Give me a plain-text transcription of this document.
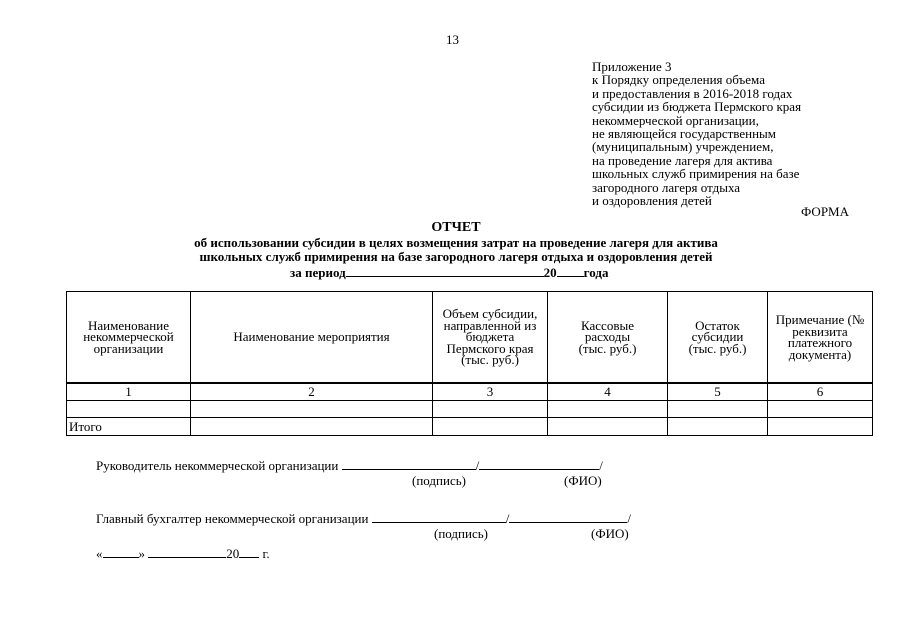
13
Приложение 3
к Порядку определения объема
и предоставления в 2016-2018 годах
субсидии из бюджета Пермского края
некоммерческой организации,
не являющейся государственным
(муниципальным) учреждением,
на проведение лагеря для актива
школьных служб примирения на базе
загородного лагеря отдыха
и оздоровления детей
ФОРМА
ОТЧЕТ
об использовании субсидии в целях возмещения затрат на проведение лагеря для актива
школьных служб примирения на базе загородного лагеря отдыха и оздоровления детей
за период	20 года
Наименование некоммерческой организации	Наименование мероприятия	Объем субсидии, направленной из бюджета Пермского края (тыс. руб.)	Кассовые расходы (тыс. руб.)	Остаток субсидии (тыс. руб.)	Примечание (№ реквизита платежного документа)

1	2	3	4	5	6

Итого					
Руководитель некоммерческой организации	/	/
(подпись)	(ФИО)
Главный бухгалтер некоммерческой организации	/	/
(подпись)	(ФИО)
«	»	20 г.
